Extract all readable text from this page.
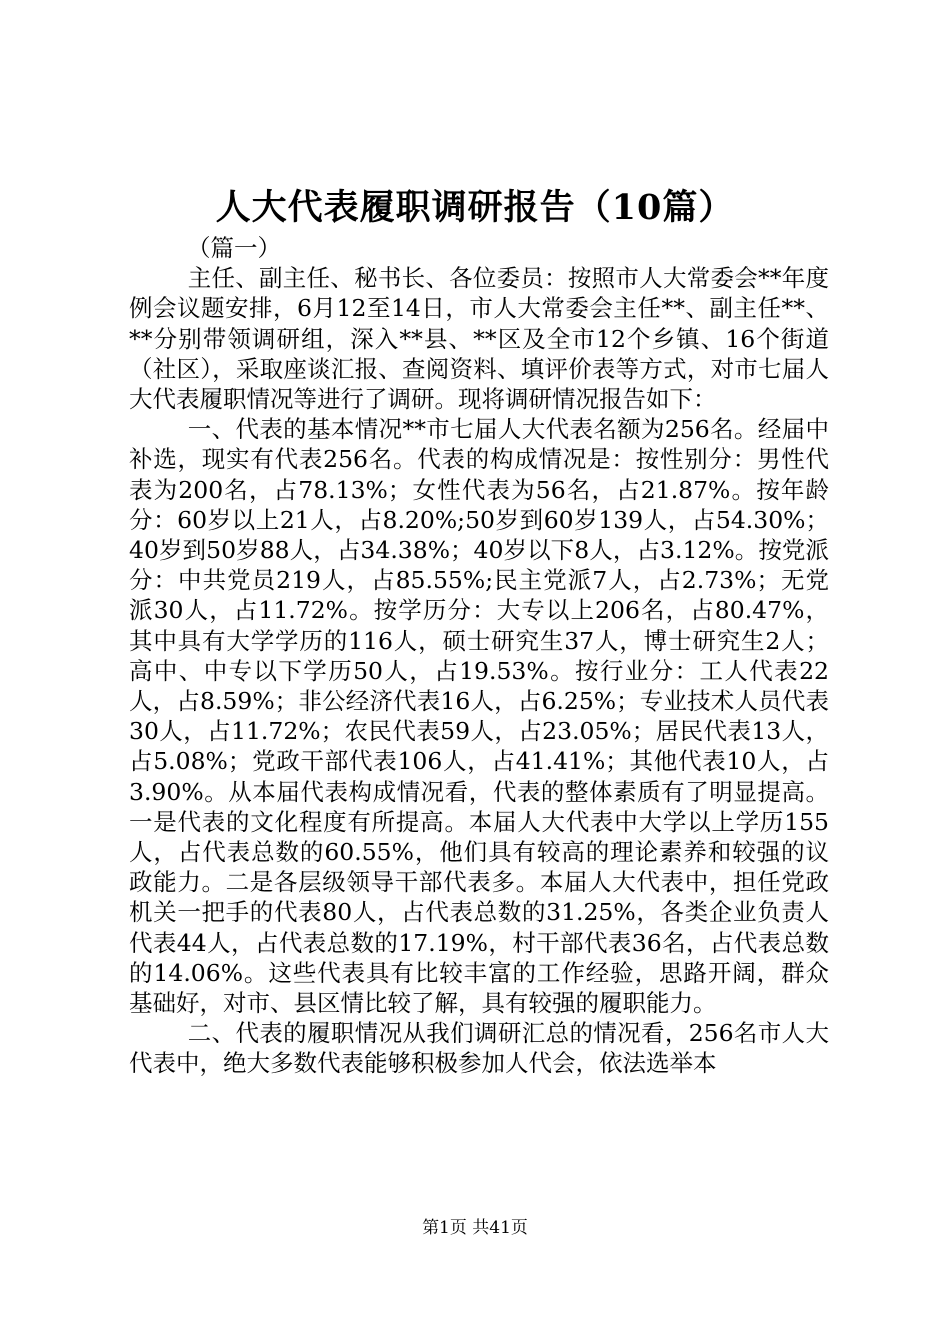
人大代表履职调研报告（10篇）

（篇一）

主任、副主任、秘书长、各位委员：按照市人大常委会**年度例会议题安排，6月12至14日，市人大常委会主任**、副主任**、**分别带领调研组，深入**县、**区及全市12个乡镇、16个街道（社区），采取座谈汇报、查阅资料、填评价表等方式，对市七届人大代表履职情况等进行了调研。现将调研情况报告如下：

一、代表的基本情况**市七届人大代表名额为256名。经届中补选，现实有代表256名。代表的构成情况是：按性别分：男性代表为200名，占78.13%；女性代表为56名，占21.87%。按年龄分：60岁以上21人，占8.20%;50岁到60岁139人，占54.30%；40岁到50岁88人，占34.38%；40岁以下8人，占3.12%。按党派分：中共党员219人，占85.55%;民主党派7人，占2.73%；无党派30人，占11.72%。按学历分：大专以上206名，占80.47%，其中具有大学学历的116人，硕士研究生37人，博士研究生2人；高中、中专以下学历50人，占19.53%。按行业分：工人代表22人，占8.59%；非公经济代表16人，占6.25%；专业技术人员代表30人，占11.72%；农民代表59人，占23.05%；居民代表13人，占5.08%；党政干部代表106人，占41.41%；其他代表10人，占3.90%。从本届代表构成情况看，代表的整体素质有了明显提高。一是代表的文化程度有所提高。本届人大代表中大学以上学历155人，占代表总数的60.55%，他们具有较高的理论素养和较强的议政能力。二是各层级领导干部代表多。本届人大代表中，担任党政机关一把手的代表80人，占代表总数的31.25%，各类企业负责人代表44人，占代表总数的17.19%，村干部代表36名，占代表总数的14.06%。这些代表具有比较丰富的工作经验，思路开阔，群众基础好，对市、县区情比较了解，具有较强的履职能力。

二、代表的履职情况从我们调研汇总的情况看，256名市人大代表中，绝大多数代表能够积极参加人代会，依法选举本

第1页 共41页
